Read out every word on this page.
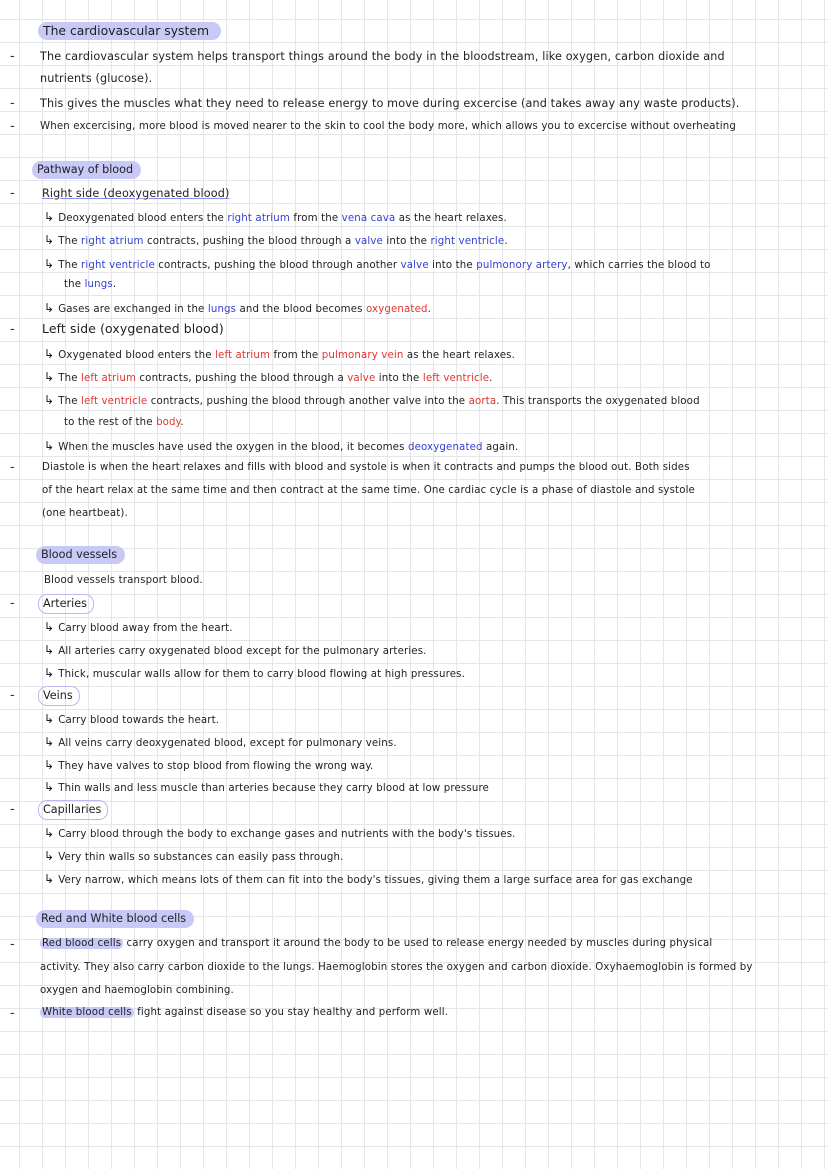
The cardiovascular system
- The cardiovascular system helps transport things around the body in the bloodstream, like oxygen, carbon dioxide and
nutrients (glucose).
- This gives the muscles what they need to release energy to move during excercise (and takes away any waste products).
- When excercising, more blood is moved nearer to the skin to cool the body more, which allows you to excercise without overheating
Pathway of blood
- Right side (deoxygenated blood)
↳ Deoxygenated blood enters the right atrium from the vena cava as the heart relaxes.
↳ The right atrium contracts, pushing the blood through a valve into the right ventricle.
↳ The right ventricle contracts, pushing the blood through another valve into the pulmonory artery, which carries the blood to
the lungs.
↳ Gases are exchanged in the lungs and the blood becomes oxygenated.
- Left side (oxygenated blood)
↳ Oxygenated blood enters the left atrium from the pulmonary vein as the heart relaxes.
↳ The left atrium contracts, pushing the blood through a valve into the left ventricle.
↳ The left ventricle contracts, pushing the blood through another valve into the aorta. This transports the oxygenated blood
to the rest of the body.
↳ When the muscles have used the oxygen in the blood, it becomes deoxygenated again.
-	Diastole is when the heart relaxes and fills with blood and systole is when it contracts and pumps the blood out. Both sides
of the heart relax at the same time and then contract at the same time. One cardiac cycle is a phase of diastole and systole
(one heartbeat).
Blood vessels
Blood vessels transport blood.
-	Arteries
↳ Carry blood away from the heart.
↳ All arteries carry oxygenated blood except for the pulmonary arteries.
↳ Thick, muscular walls allow for them to carry blood flowing at high pressures.
-	Veins
↳ Carry blood towards the heart.
↳ All veins carry deoxygenated blood, except for pulmonary veins.
↳ They have valves to stop blood from flowing the wrong way.
↳ Thin walls and less muscle than arteries because they carry blood at low pressure
-	Capillaries
↳ Carry blood through the body to exchange gases and nutrients with the body's tissues.
↳ Very thin walls so substances can easily pass through.
↳ Very narrow, which means lots of them can fit into the body's tissues, giving them a large surface area for gas exchange
Red and White blood cells
-	Red blood cells carry oxygen and transport it around the body to be used to release energy needed by muscles during physical
activity. They also carry carbon dioxide to the lungs. Haemoglobin stores the oxygen and carbon dioxide. Oxyhaemoglobin is formed by
oxygen and haemoglobin combining.
-	White blood cells fight against disease so you stay healthy and perform well.
